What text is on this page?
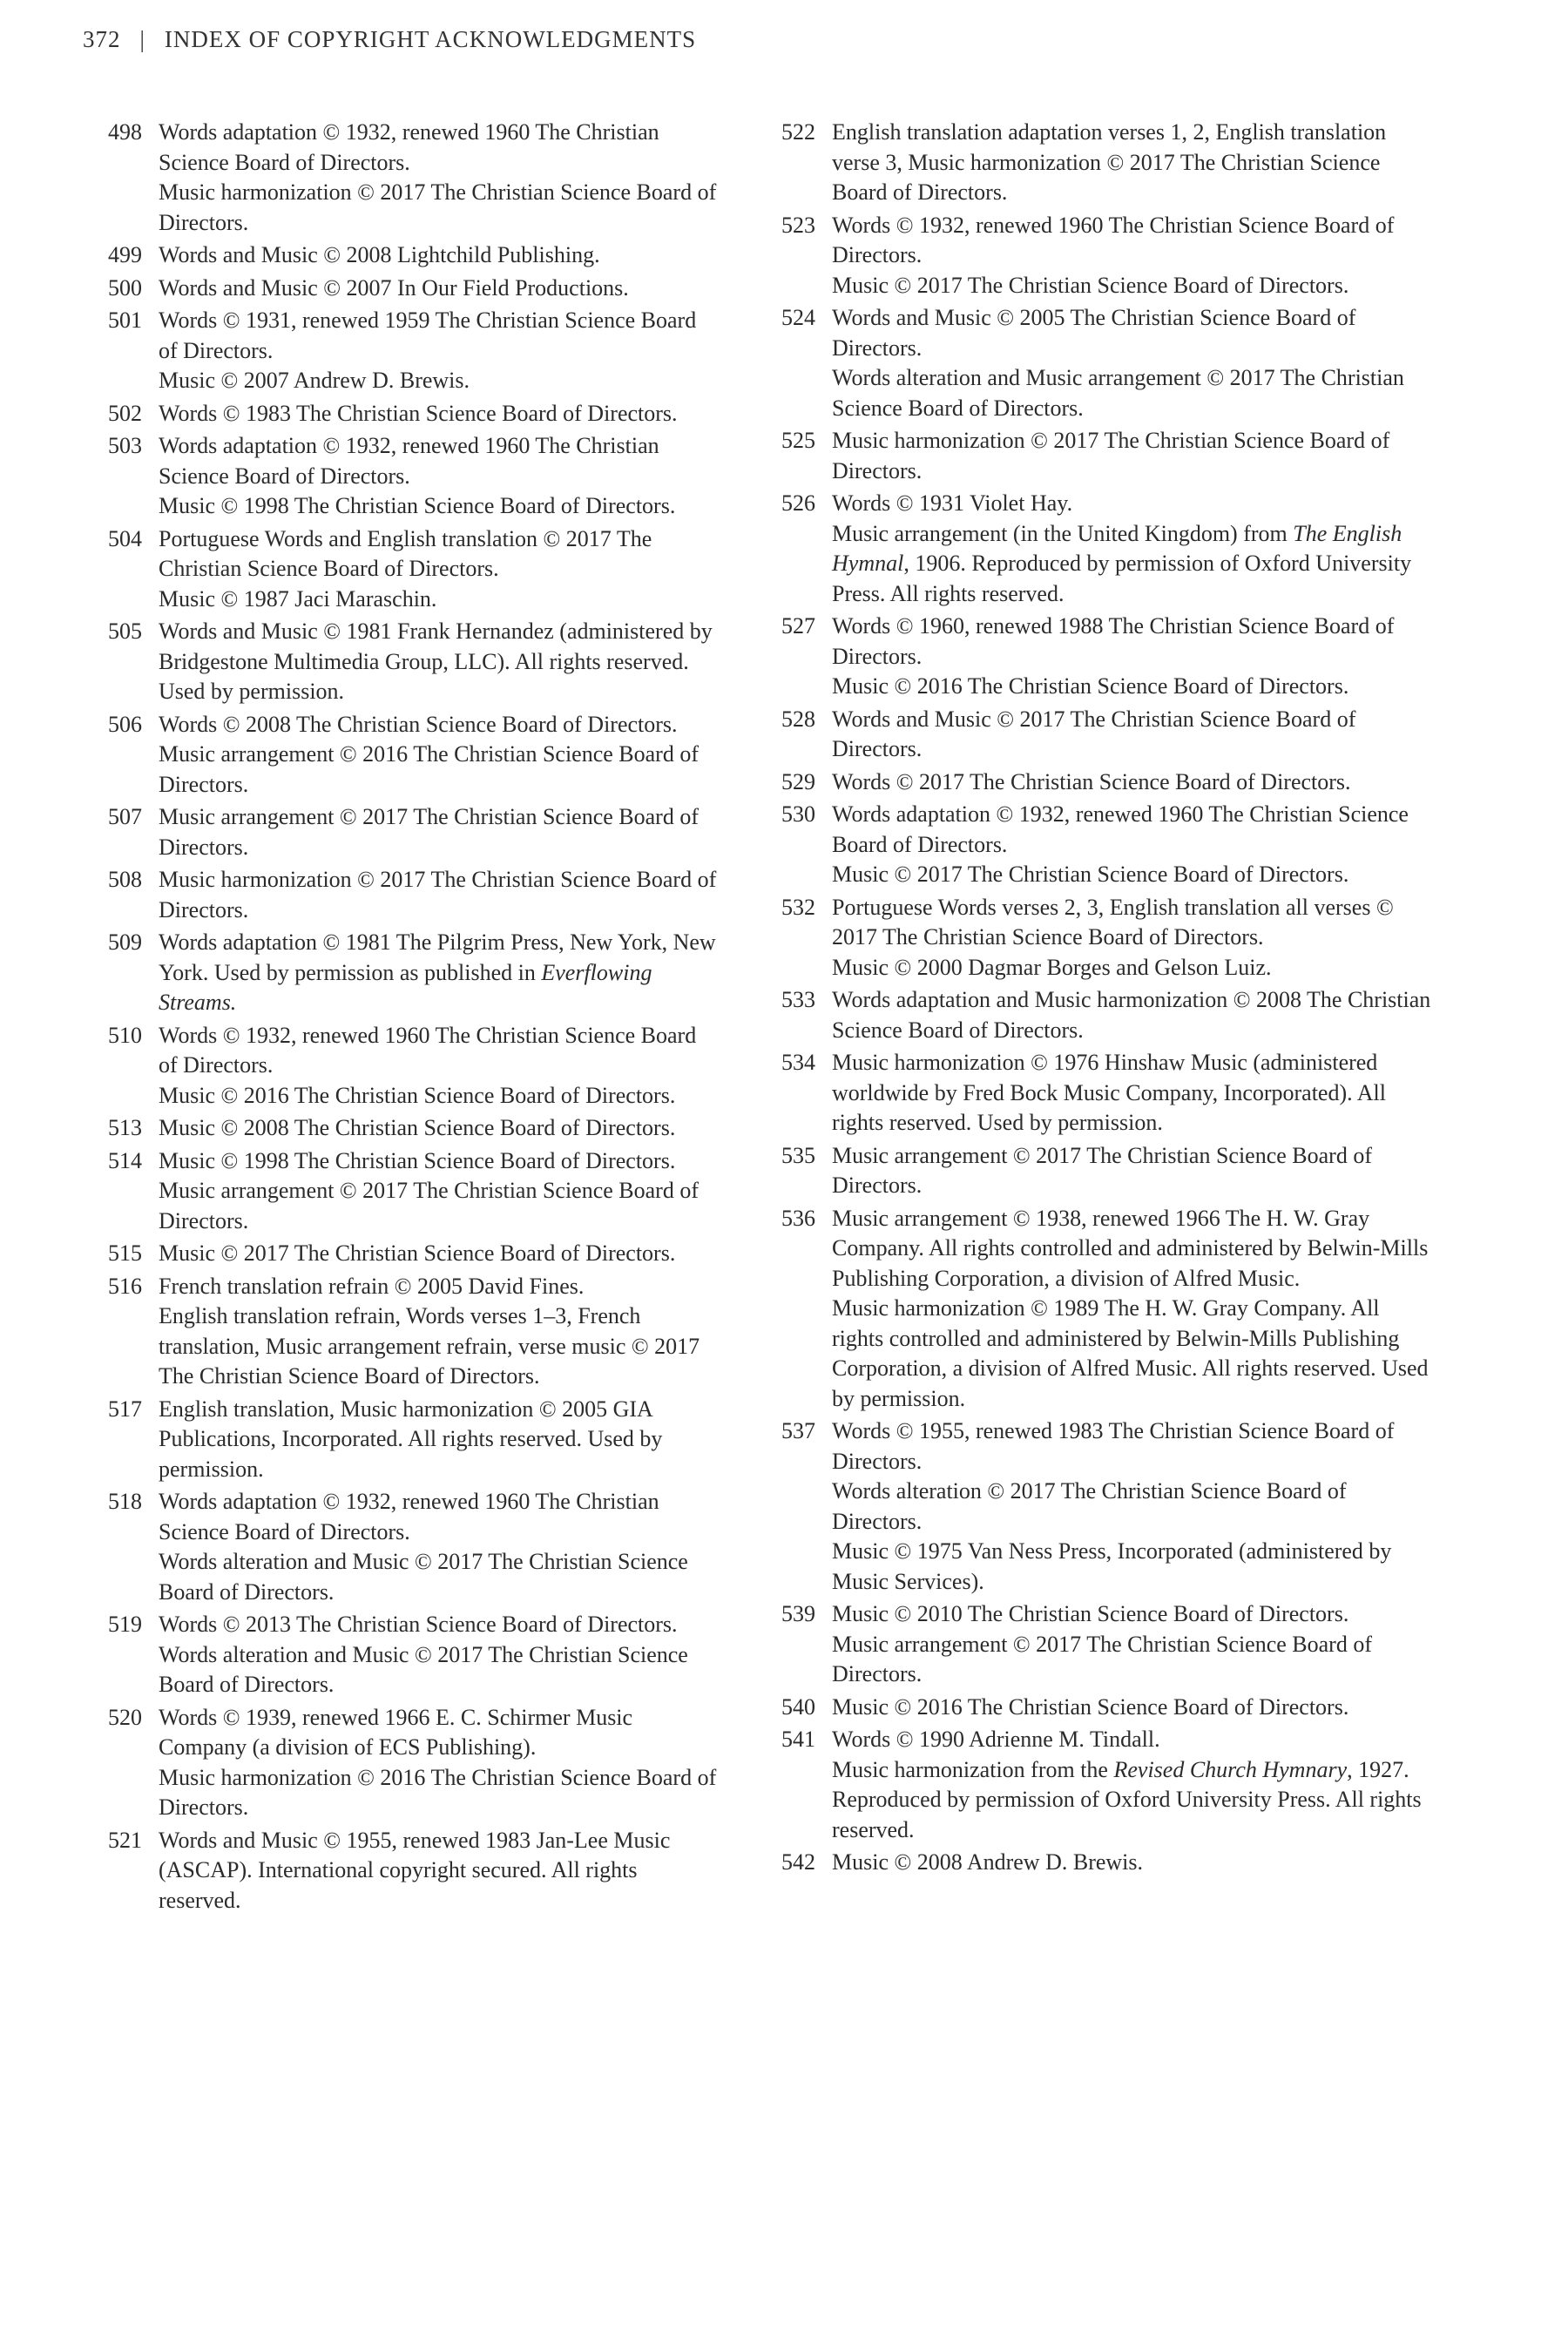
372 | INDEX OF COPYRIGHT ACKNOWLEDGMENTS
498 Words adaptation © 1932, renewed 1960 The Christian Science Board of Directors.
Music harmonization © 2017 The Christian Science Board of Directors.
499 Words and Music © 2008 Lightchild Publishing.
500 Words and Music © 2007 In Our Field Productions.
501 Words © 1931, renewed 1959 The Christian Science Board of Directors.
Music © 2007 Andrew D. Brewis.
502 Words © 1983 The Christian Science Board of Directors.
503 Words adaptation © 1932, renewed 1960 The Christian Science Board of Directors.
Music © 1998 The Christian Science Board of Directors.
504 Portuguese Words and English translation © 2017 The Christian Science Board of Directors.
Music © 1987 Jaci Maraschin.
505 Words and Music © 1981 Frank Hernandez (administered by Bridgestone Multimedia Group, LLC). All rights reserved. Used by permission.
506 Words © 2008 The Christian Science Board of Directors.
Music arrangement © 2016 The Christian Science Board of Directors.
507 Music arrangement © 2017 The Christian Science Board of Directors.
508 Music harmonization © 2017 The Christian Science Board of Directors.
509 Words adaptation © 1981 The Pilgrim Press, New York, New York. Used by permission as published in Everflowing Streams.
510 Words © 1932, renewed 1960 The Christian Science Board of Directors.
Music © 2016 The Christian Science Board of Directors.
513 Music © 2008 The Christian Science Board of Directors.
514 Music © 1998 The Christian Science Board of Directors.
Music arrangement © 2017 The Christian Science Board of Directors.
515 Music © 2017 The Christian Science Board of Directors.
516 French translation refrain © 2005 David Fines.
English translation refrain, Words verses 1–3, French translation, Music arrangement refrain, verse music © 2017 The Christian Science Board of Directors.
517 English translation, Music harmonization © 2005 GIA Publications, Incorporated. All rights reserved. Used by permission.
518 Words adaptation © 1932, renewed 1960 The Christian Science Board of Directors.
Words alteration and Music © 2017 The Christian Science Board of Directors.
519 Words © 2013 The Christian Science Board of Directors.
Words alteration and Music © 2017 The Christian Science Board of Directors.
520 Words © 1939, renewed 1966 E. C. Schirmer Music Company (a division of ECS Publishing).
Music harmonization © 2016 The Christian Science Board of Directors.
521 Words and Music © 1955, renewed 1983 Jan-Lee Music (ASCAP). International copyright secured. All rights reserved.
522 English translation adaptation verses 1, 2, English translation verse 3, Music harmonization © 2017 The Christian Science Board of Directors.
523 Words © 1932, renewed 1960 The Christian Science Board of Directors.
Music © 2017 The Christian Science Board of Directors.
524 Words and Music © 2005 The Christian Science Board of Directors.
Words alteration and Music arrangement © 2017 The Christian Science Board of Directors.
525 Music harmonization © 2017 The Christian Science Board of Directors.
526 Words © 1931 Violet Hay.
Music arrangement (in the United Kingdom) from The English Hymnal, 1906. Reproduced by permission of Oxford University Press. All rights reserved.
527 Words © 1960, renewed 1988 The Christian Science Board of Directors.
Music © 2016 The Christian Science Board of Directors.
528 Words and Music © 2017 The Christian Science Board of Directors.
529 Words © 2017 The Christian Science Board of Directors.
530 Words adaptation © 1932, renewed 1960 The Christian Science Board of Directors.
Music © 2017 The Christian Science Board of Directors.
532 Portuguese Words verses 2, 3, English translation all verses © 2017 The Christian Science Board of Directors.
Music © 2000 Dagmar Borges and Gelson Luiz.
533 Words adaptation and Music harmonization © 2008 The Christian Science Board of Directors.
534 Music harmonization © 1976 Hinshaw Music (administered worldwide by Fred Bock Music Company, Incorporated). All rights reserved. Used by permission.
535 Music arrangement © 2017 The Christian Science Board of Directors.
536 Music arrangement © 1938, renewed 1966 The H. W. Gray Company. All rights controlled and administered by Belwin-Mills Publishing Corporation, a division of Alfred Music.
Music harmonization © 1989 The H. W. Gray Company. All rights controlled and administered by Belwin-Mills Publishing Corporation, a division of Alfred Music. All rights reserved. Used by permission.
537 Words © 1955, renewed 1983 The Christian Science Board of Directors.
Words alteration © 2017 The Christian Science Board of Directors.
Music © 1975 Van Ness Press, Incorporated (administered by Music Services).
539 Music © 2010 The Christian Science Board of Directors.
Music arrangement © 2017 The Christian Science Board of Directors.
540 Music © 2016 The Christian Science Board of Directors.
541 Words © 1990 Adrienne M. Tindall.
Music harmonization from the Revised Church Hymnary, 1927. Reproduced by permission of Oxford University Press. All rights reserved.
542 Music © 2008 Andrew D. Brewis.
